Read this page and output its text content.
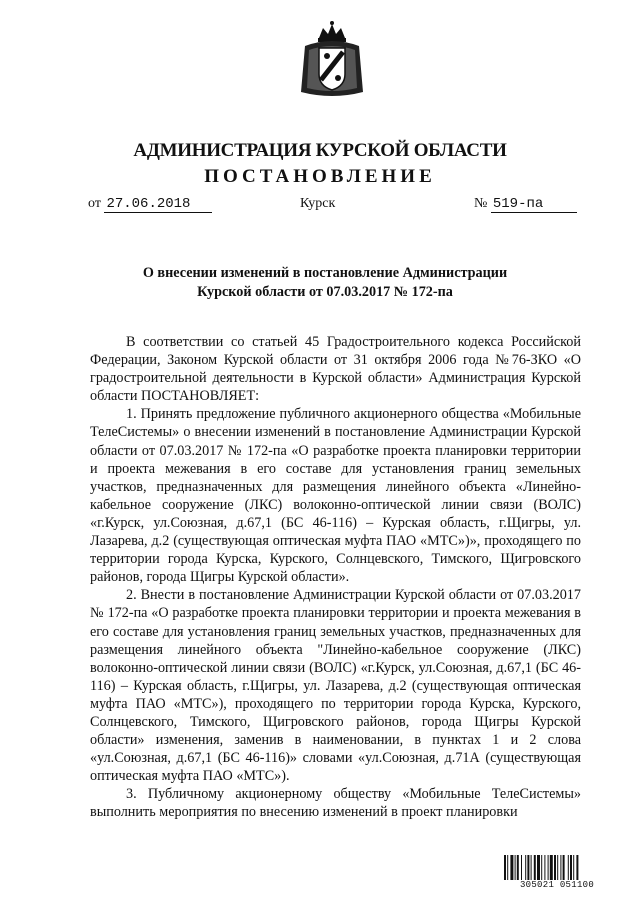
АДМИНИСТРАЦИЯ КУРСКОЙ ОБЛАСТИ
ПОСТАНОВЛЕНИЕ
от 27.06.2018	Курск	№ 519-па
О внесении изменений в постановление Администрации
Курской области от 07.03.2017 № 172-па

В соответствии со статьей 45 Градостроительного кодекса Российской Федерации, Законом Курской области от 31 октября 2006 года №76-ЗКО «О градостроительной деятельности в Курской области» Администрация Курской области ПОСТАНОВЛЯЕТ:

1. Принять предложение публичного акционерного общества «Мобильные ТелеСистемы» о внесении изменений в постановление Администрации Курской области от 07.03.2017 № 172-па «О разработке проекта планировки территории и проекта межевания в его составе для установления границ земельных участков, предназначенных для размещения линейного объекта «Линейно-кабельное сооружение (ЛКС) волоконно-оптической линии связи (ВОЛС) «г.Курск, ул.Союзная, д.67,1 (БС 46-116) – Курская область, г.Щигры, ул. Лазарева, д.2 (существующая оптическая муфта ПАО «МТС»)», проходящего по территории города Курска, Курского, Солнцевского, Тимского, Щигровского районов, города Щигры Курской области».

2. Внести в постановление Администрации Курской области от 07.03.2017 № 172-па «О разработке проекта планировки территории и проекта межевания в его составе для установления границ земельных участков, предназначенных для размещения линейного объекта "Линейно-кабельное сооружение (ЛКС) волоконно-оптической линии связи (ВОЛС) «г.Курск, ул.Союзная, д.67,1 (БС 46-116) – Курская область, г.Щигры, ул. Лазарева, д.2 (существующая оптическая муфта ПАО «МТС»), проходящего по территории города Курска, Курского, Солнцевского, Тимского, Щигровского районов, города Щигры Курской области» изменения, заменив в наименовании, в пунктах 1 и 2 слова «ул.Союзная, д.67,1 (БС 46-116)» словами «ул.Союзная, д.71А (существующая оптическая муфта ПАО «МТС»).

3. Публичному акционерному обществу «Мобильные ТелеСистемы» выполнить мероприятия по внесению изменений в проект планировки

305021 051100
